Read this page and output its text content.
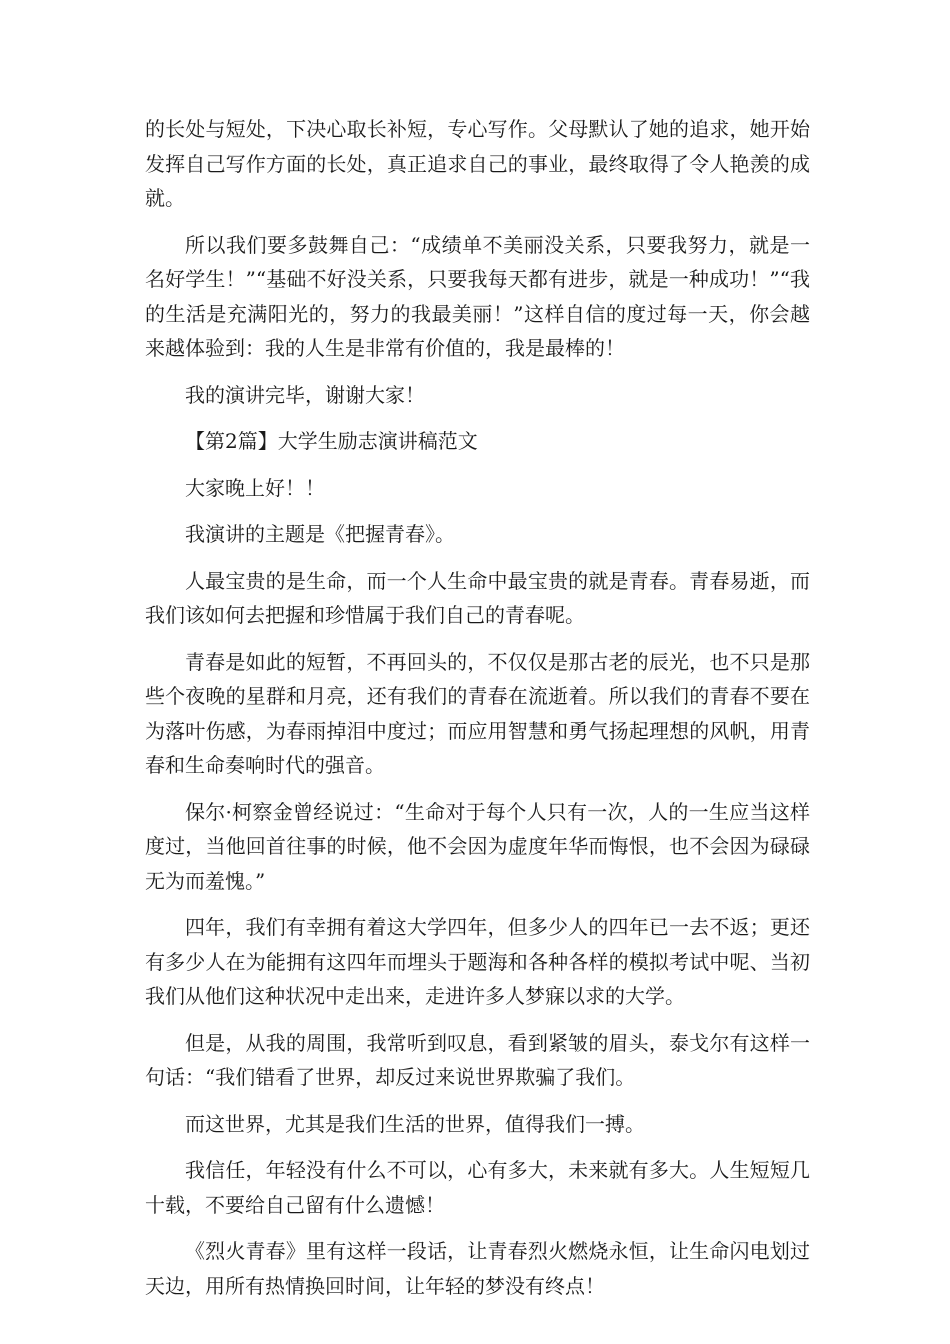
的长处与短处，下决心取长补短，专心写作。父母默认了她的追求，她开始发挥自己写作方面的长处，真正追求自己的事业，最终取得了令人艳羡的成就。

所以我们要多鼓舞自己：“成绩单不美丽没关系，只要我努力，就是一名好学生！”“基础不好没关系，只要我每天都有进步，就是一种成功！”“我的生活是充满阳光的，努力的我最美丽！”这样自信的度过每一天，你会越来越体验到：我的人生是非常有价值的，我是最棒的！

我的演讲完毕，谢谢大家！

【第2篇】大学生励志演讲稿范文

大家晚上好！！

我演讲的主题是《把握青春》。

人最宝贵的是生命，而一个人生命中最宝贵的就是青春。青春易逝，而我们该如何去把握和珍惜属于我们自己的青春呢。

青春是如此的短暂，不再回头的，不仅仅是那古老的辰光，也不只是那些个夜晚的星群和月亮，还有我们的青春在流逝着。所以我们的青春不要在为落叶伤感，为春雨掉泪中度过；而应用智慧和勇气扬起理想的风帆，用青春和生命奏响时代的强音。

保尔·柯察金曾经说过：“生命对于每个人只有一次，人的一生应当这样度过，当他回首往事的时候，他不会因为虚度年华而悔恨，也不会因为碌碌无为而羞愧。”

四年，我们有幸拥有着这大学四年，但多少人的四年已一去不返；更还有多少人在为能拥有这四年而埋头于题海和各种各样的模拟考试中呢、当初我们从他们这种状况中走出来，走进许多人梦寐以求的大学。

但是，从我的周围，我常听到叹息，看到紧皱的眉头，泰戈尔有这样一句话：“我们错看了世界，却反过来说世界欺骗了我们。

而这世界，尤其是我们生活的世界，值得我们一搏。

我信任，年轻没有什么不可以，心有多大，未来就有多大。人生短短几十载，不要给自己留有什么遗憾！

《烈火青春》里有这样一段话，让青春烈火燃烧永恒，让生命闪电划过天边，用所有热情换回时间，让年轻的梦没有终点！
